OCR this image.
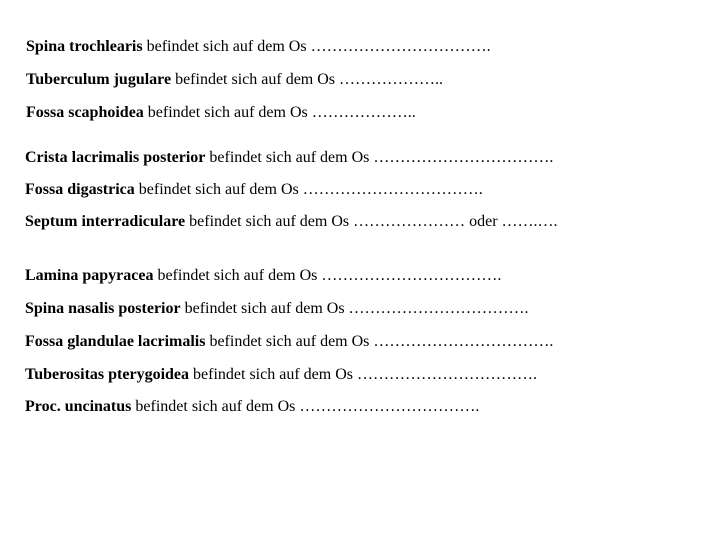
Spina trochlearis befindet sich auf dem Os …………………………….
Tuberculum jugulare befindet sich auf dem Os ………………..
Fossa scaphoidea befindet sich auf dem Os ………………..
Crista lacrimalis posterior befindet sich auf dem Os …………………………….
Fossa digastrica befindet sich auf dem Os …………………………….
Septum interradiculare befindet sich auf dem Os ………………… oder …….….
Lamina papyracea befindet sich auf dem Os …………………………….
Spina nasalis posterior befindet sich auf dem Os …………………………….
Fossa glandulae lacrimalis befindet sich auf dem Os …………………………….
Tuberositas pterygoidea befindet sich auf dem Os …………………………….
Proc. uncinatus befindet sich auf dem Os …………………………….
